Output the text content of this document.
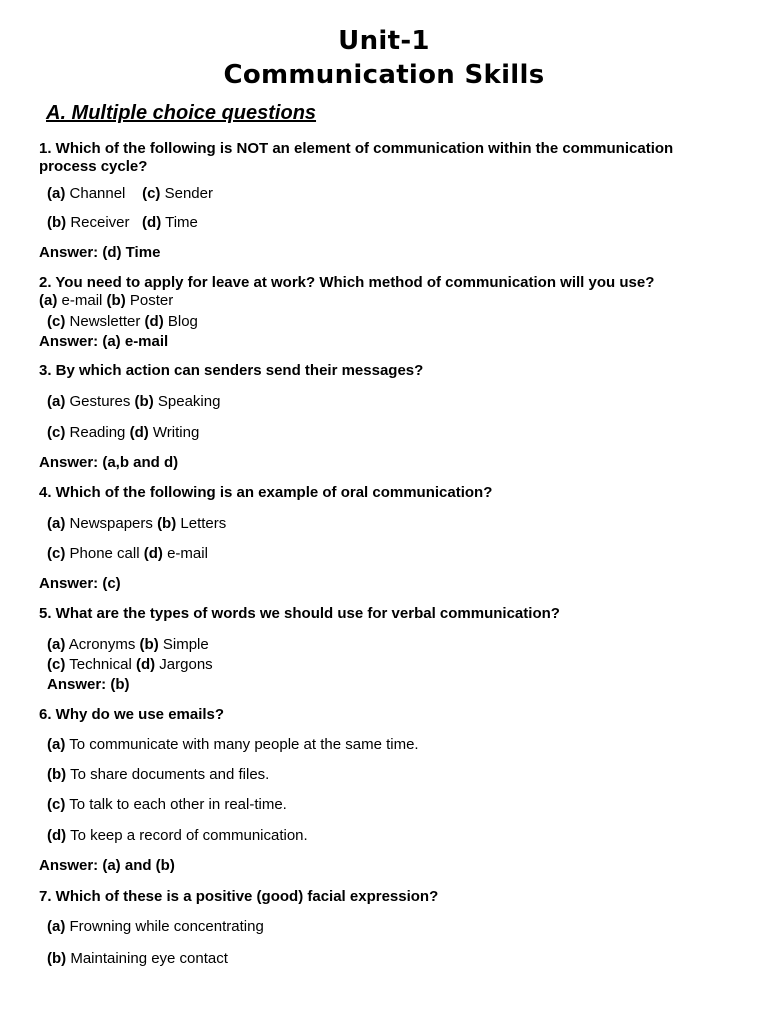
Unit-1
Communication Skills
A. Multiple choice questions
1. Which of the following is NOT an element of communication within the communication process cycle?
(a) Channel (c) Sender
(b) Receiver (d) Time
Answer: (d) Time
2. You need to apply for leave at work? Which method of communication will you use?
(a) e-mail (b) Poster
(c) Newsletter (d) Blog
Answer: (a) e-mail
3. By which action can senders send their messages?
(a) Gestures (b) Speaking
(c) Reading (d) Writing
Answer: (a,b and d)
4. Which of the following is an example of oral communication?
(a) Newspapers (b) Letters
(c) Phone call (d) e-mail
Answer: (c)
5. What are the types of words we should use for verbal communication?
(a) Acronyms (b) Simple
(c) Technical (d) Jargons
Answer: (b)
6. Why do we use emails?
(a) To communicate with many people at the same time.
(b) To share documents and files.
(c) To talk to each other in real-time.
(d) To keep a record of communication.
Answer: (a) and (b)
7. Which of these is a positive (good) facial expression?
(a) Frowning while concentrating
(b) Maintaining eye contact
